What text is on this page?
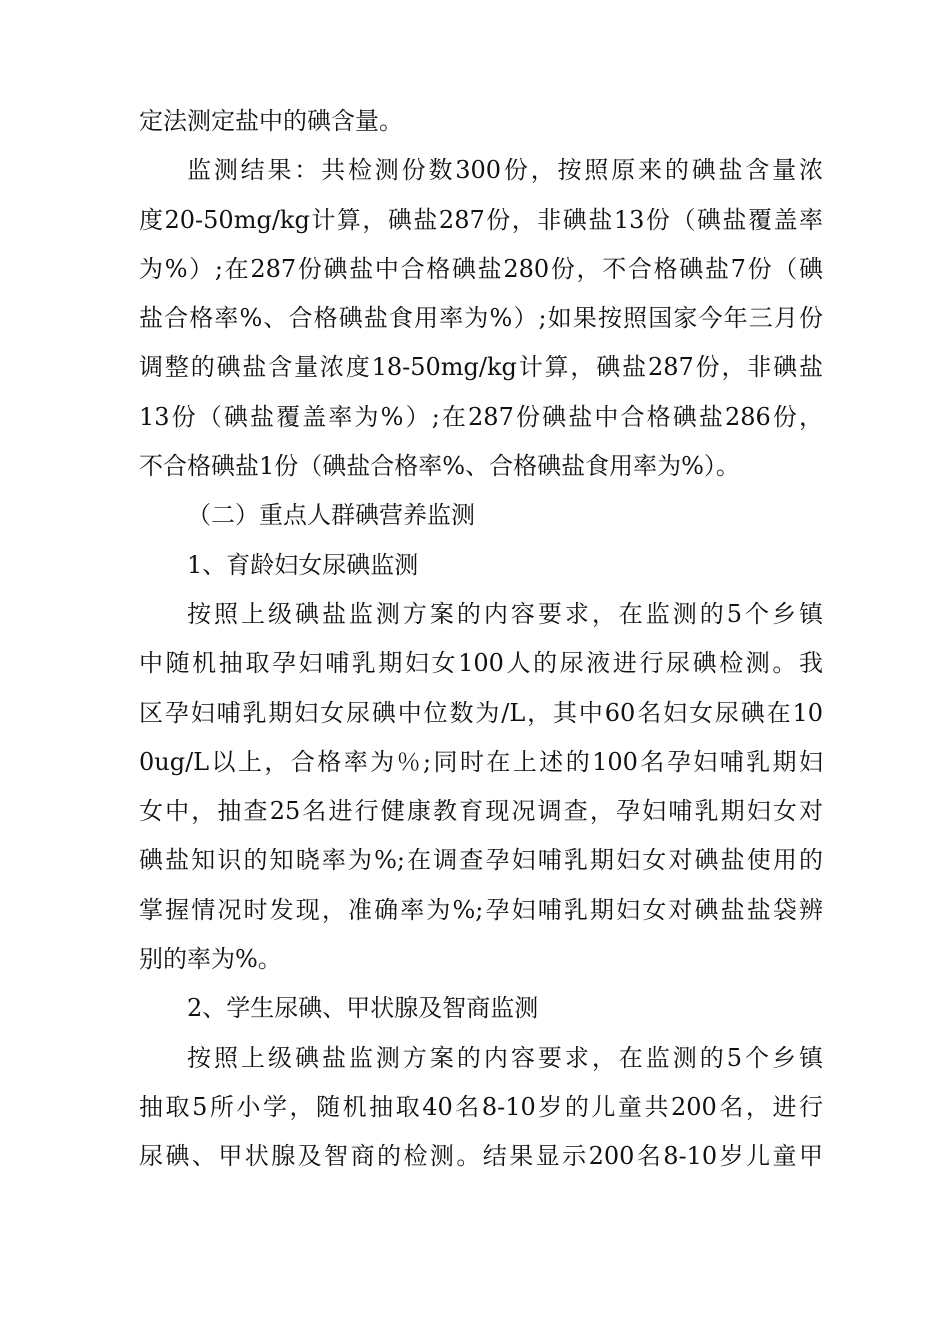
定法测定盐中的碘含量。
监测结果：共检测份数300份，按照原来的碘盐含量浓
度20-50mg/kg计算，碘盐287份，非碘盐13份（碘盐覆盖率
为%）;在287份碘盐中合格碘盐280份，不合格碘盐7份（碘
盐合格率%、合格碘盐食用率为%）;如果按照国家今年三月份
调整的碘盐含量浓度18-50mg/kg计算，碘盐287份，非碘盐
13份（碘盐覆盖率为%）;在287份碘盐中合格碘盐286份，
不合格碘盐1份（碘盐合格率%、合格碘盐食用率为%）。
（二）重点人群碘营养监测
1、育龄妇女尿碘监测
按照上级碘盐监测方案的内容要求，在监测的5个乡镇
中随机抽取孕妇哺乳期妇女100人的尿液进行尿碘检测。我
区孕妇哺乳期妇女尿碘中位数为/L，其中60名妇女尿碘在10
0ug/L以上，合格率为％;同时在上述的100名孕妇哺乳期妇
女中，抽查25名进行健康教育现况调查，孕妇哺乳期妇女对
碘盐知识的知晓率为%;在调查孕妇哺乳期妇女对碘盐使用的
掌握情况时发现，准确率为%;孕妇哺乳期妇女对碘盐盐袋辨
别的率为%。
2、学生尿碘、甲状腺及智商监测
按照上级碘盐监测方案的内容要求，在监测的5个乡镇
抽取5所小学，随机抽取40名8-10岁的儿童共200名，进行
尿碘、甲状腺及智商的检测。结果显示200名8-10岁儿童甲
